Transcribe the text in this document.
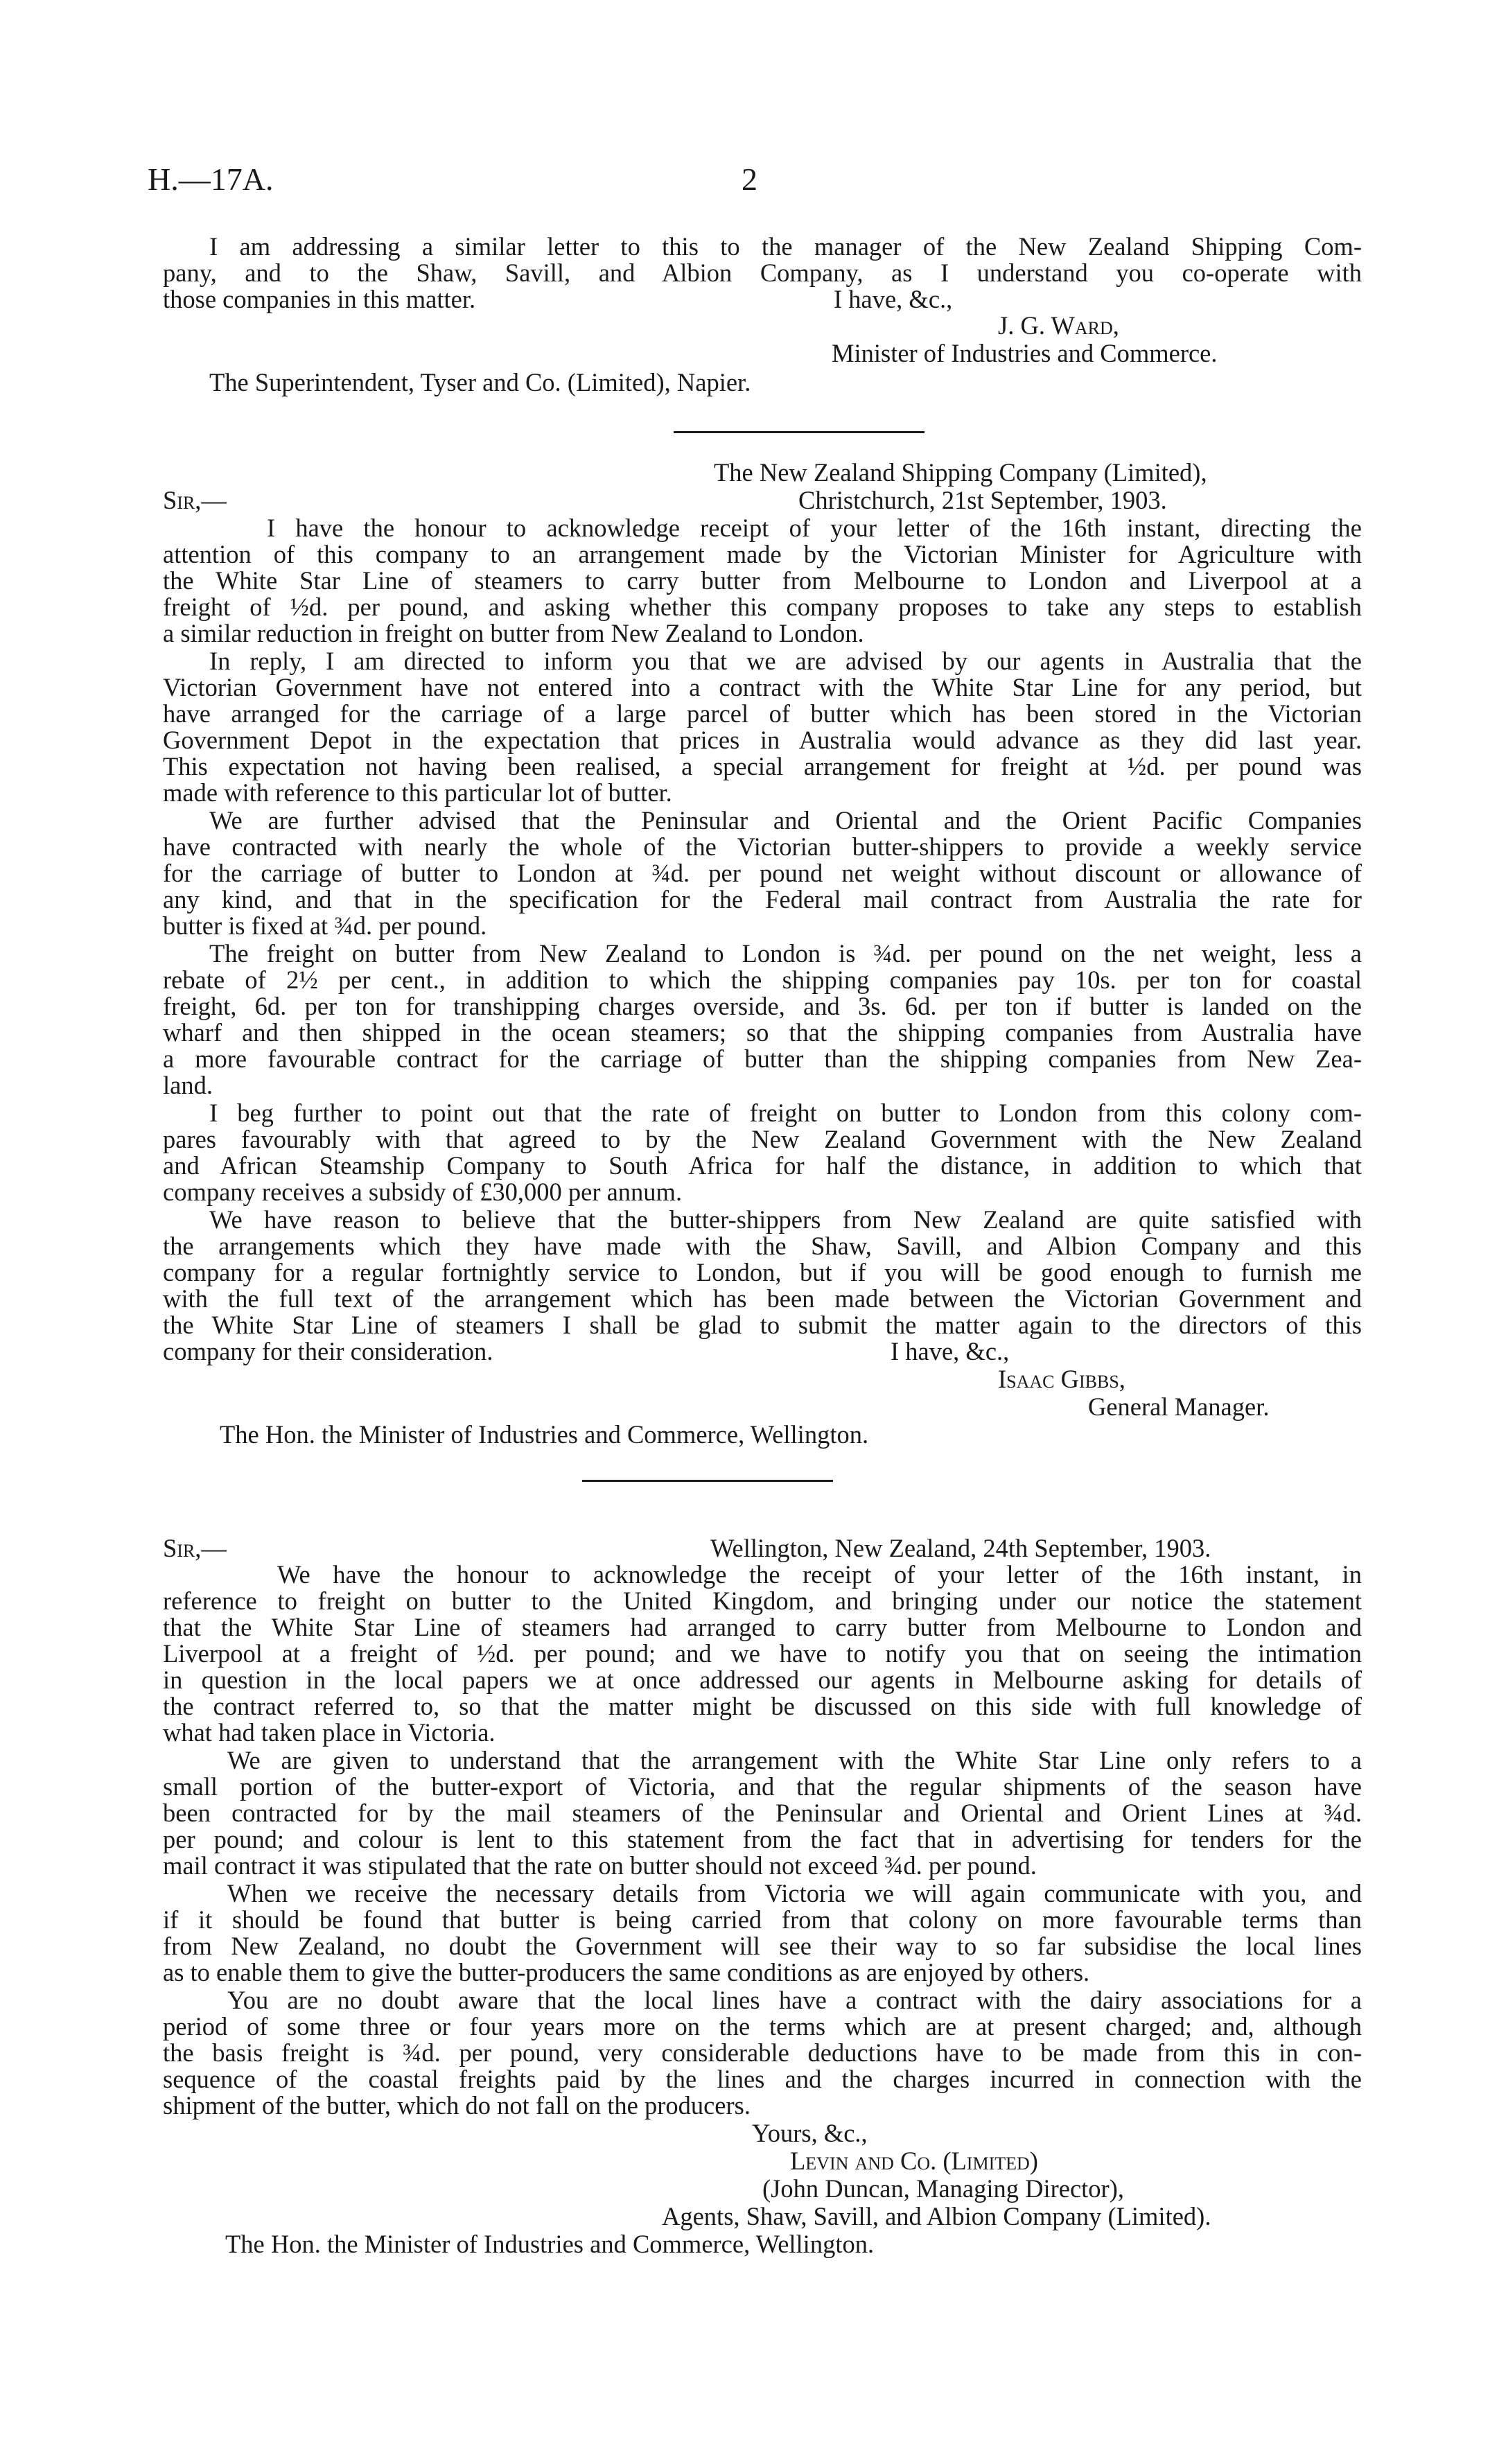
H.—17A.	2
I am addressing a similar letter to this to the manager of the New Zealand Shipping Com-
pany, and to the Shaw, Savill, and Albion Company, as I understand you co-operate with
those companies in this matter.	I have, &c.,
J. G. Ward,
Minister of Industries and Commerce.
The Superintendent, Tyser and Co. (Limited), Napier.
The New Zealand Shipping Company (Limited),
Sir,—	Christchurch, 21st September, 1903.
I have the honour to acknowledge receipt of your letter of the 16th instant, directing the
attention of this company to an arrangement made by the Victorian Minister for Agriculture with
the White Star Line of steamers to carry butter from Melbourne to London and Liverpool at a
freight of ½d. per pound, and asking whether this company proposes to take any steps to establish
a similar reduction in freight on butter from New Zealand to London.
In reply, I am directed to inform you that we are advised by our agents in Australia that the
Victorian Government have not entered into a contract with the White Star Line for any period, but
have arranged for the carriage of a large parcel of butter which has been stored in the Victorian
Government Depot in the expectation that prices in Australia would advance as they did last year.
This expectation not having been realised, a special arrangement for freight at ½d. per pound was
made with reference to this particular lot of butter.
We are further advised that the Peninsular and Oriental and the Orient Pacific Companies
have contracted with nearly the whole of the Victorian butter-shippers to provide a weekly service
for the carriage of butter to London at ¾d. per pound net weight without discount or allowance of
any kind, and that in the specification for the Federal mail contract from Australia the rate for
butter is fixed at ¾d. per pound.
The freight on butter from New Zealand to London is ¾d. per pound on the net weight, less a
rebate of 2½ per cent., in addition to which the shipping companies pay 10s. per ton for coastal
freight, 6d. per ton for transhipping charges overside, and 3s. 6d. per ton if butter is landed on the
wharf and then shipped in the ocean steamers; so that the shipping companies from Australia have
a more favourable contract for the carriage of butter than the shipping companies from New Zea-
land.
I beg further to point out that the rate of freight on butter to London from this colony com-
pares favourably with that agreed to by the New Zealand Government with the New Zealand
and African Steamship Company to South Africa for half the distance, in addition to which that
company receives a subsidy of £30,000 per annum.
We have reason to believe that the butter-shippers from New Zealand are quite satisfied with
the arrangements which they have made with the Shaw, Savill, and Albion Company and this
company for a regular fortnightly service to London, but if you will be good enough to furnish me
with the full text of the arrangement which has been made between the Victorian Government and
the White Star Line of steamers I shall be glad to submit the matter again to the directors of this
company for their consideration.	I have, &c.,
Isaac Gibbs,
General Manager.
The Hon. the Minister of Industries and Commerce, Wellington.
Sir,—	Wellington, New Zealand, 24th September, 1903.
We have the honour to acknowledge the receipt of your letter of the 16th instant, in
reference to freight on butter to the United Kingdom, and bringing under our notice the statement
that the White Star Line of steamers had arranged to carry butter from Melbourne to London and
Liverpool at a freight of ½d. per pound; and we have to notify you that on seeing the intimation
in question in the local papers we at once addressed our agents in Melbourne asking for details of
the contract referred to, so that the matter might be discussed on this side with full knowledge of
what had taken place in Victoria.
We are given to understand that the arrangement with the White Star Line only refers to a
small portion of the butter-export of Victoria, and that the regular shipments of the season have
been contracted for by the mail steamers of the Peninsular and Oriental and Orient Lines at ¾d.
per pound; and colour is lent to this statement from the fact that in advertising for tenders for the
mail contract it was stipulated that the rate on butter should not exceed ¾d. per pound.
When we receive the necessary details from Victoria we will again communicate with you, and
if it should be found that butter is being carried from that colony on more favourable terms than
from New Zealand, no doubt the Government will see their way to so far subsidise the local lines
as to enable them to give the butter-producers the same conditions as are enjoyed by others.
You are no doubt aware that the local lines have a contract with the dairy associations for a
period of some three or four years more on the terms which are at present charged; and, although
the basis freight is ¾d. per pound, very considerable deductions have to be made from this in con-
sequence of the coastal freights paid by the lines and the charges incurred in connection with the
shipment of the butter, which do not fall on the producers.
Yours, &c.,
Levin and Co. (Limited)
(John Duncan, Managing Director),
Agents, Shaw, Savill, and Albion Company (Limited).
The Hon. the Minister of Industries and Commerce, Wellington.
